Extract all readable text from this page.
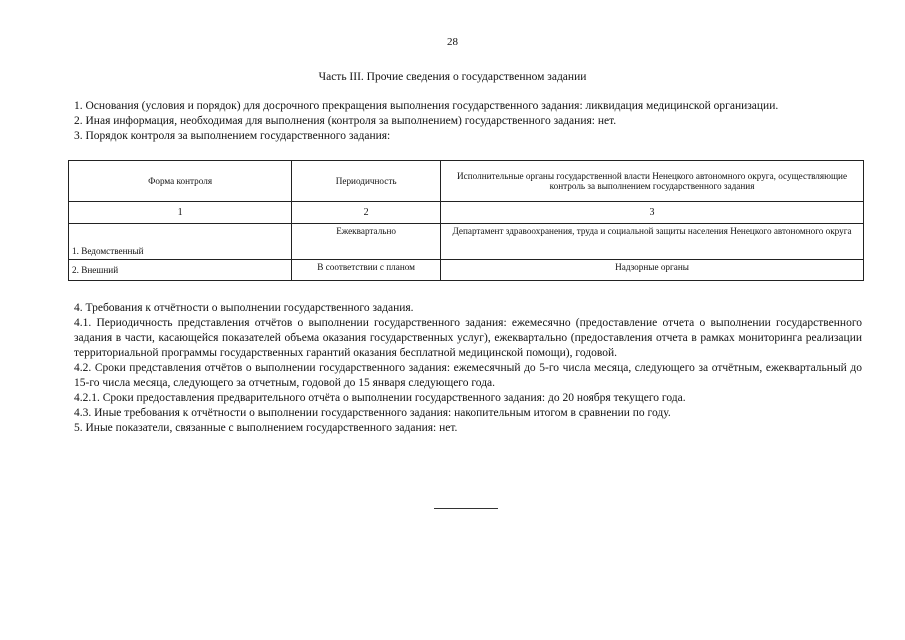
28
Часть III. Прочие сведения о государственном задании
1. Основания (условия и порядок) для досрочного прекращения выполнения государственного задания: ликвидация медицинской организации.
2. Иная информация, необходимая для выполнения (контроля за выполнением) государственного задания: нет.
3. Порядок контроля за выполнением государственного задания:
Форма контроля	Периодичность	Исполнительные органы государственной власти Ненецкого автономного округа, осуществляющие контроль за выполнением государственного задания
1	2	3
1. Ведомственный	Ежеквартально	Департамент здравоохранения, труда и социальной защиты населения Ненецкого автономного округа
2. Внешний	В соответствии с планом	Надзорные органы

4. Требования к отчётности о выполнении государственного задания.

4.1. Периодичность представления отчётов о выполнении государственного задания: ежемесячно (предоставление отчета о выполнении государственного задания в части, касающейся показателей объема оказания государственных услуг), ежеквартально (предоставления отчета в рамках мониторинга реализации территориальной программы государственных гарантий оказания бесплатной медицинской помощи), годовой.

4.2. Сроки представления отчётов о выполнении государственного задания: ежемесячный до 5-го числа месяца, следующего за отчётным, ежеквартальный до 15-го числа месяца, следующего за отчетным, годовой до 15 января следующего года.

4.2.1. Сроки предоставления предварительного отчёта о выполнении государственного задания: до 20 ноября текущего года.

4.3. Иные требования к отчётности о выполнении государственного задания: накопительным итогом в сравнении по году.

5. Иные показатели, связанные с выполнением государственного задания: нет.
